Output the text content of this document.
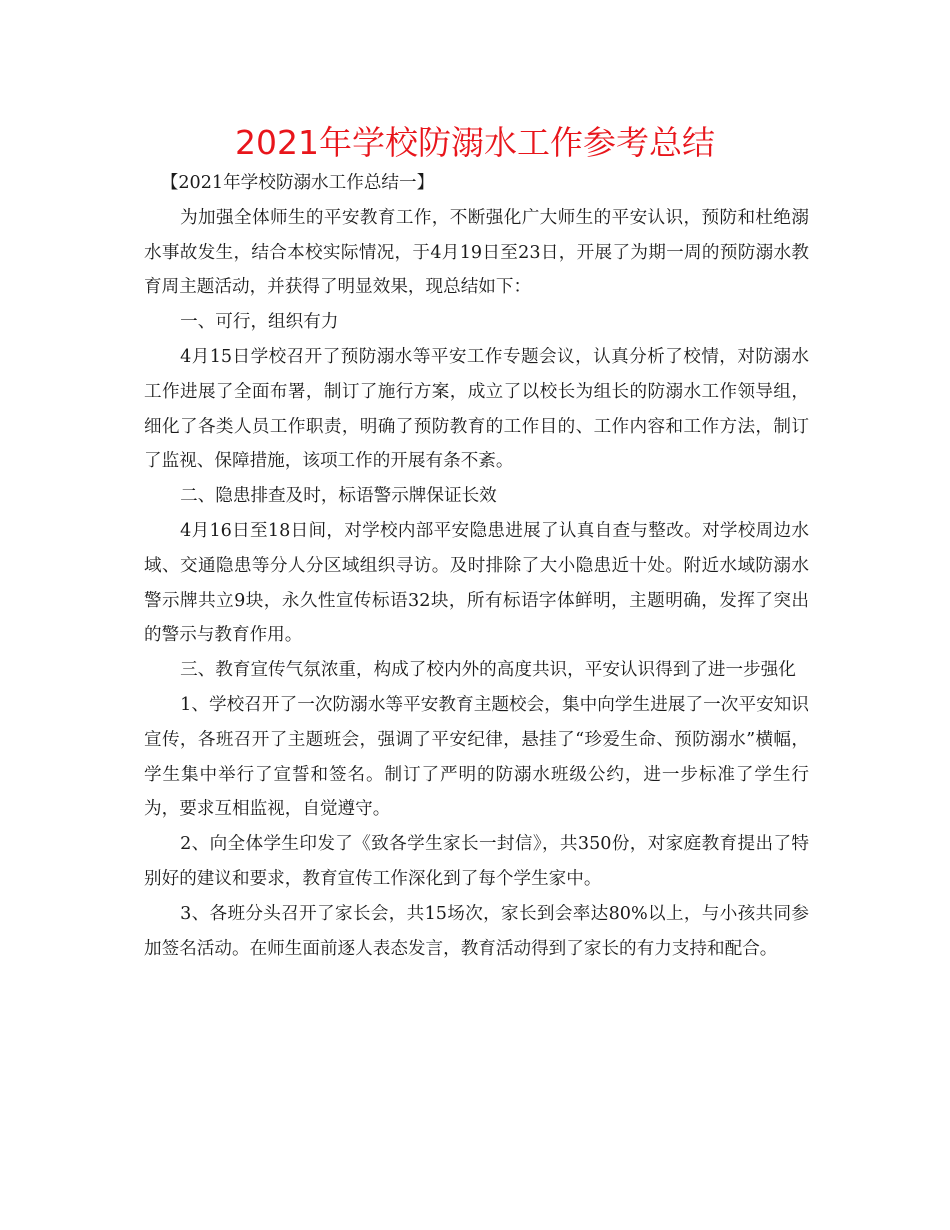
2021年学校防溺水工作参考总结

【2021年学校防溺水工作总结一】

为加强全体师生的平安教育工作，不断强化广大师生的平安认识，预防和杜绝溺水事故发生，结合本校实际情况，于4月19日至23日，开展了为期一周的预防溺水教育周主题活动，并获得了明显效果，现总结如下：

一、可行，组织有力

4月15日学校召开了预防溺水等平安工作专题会议，认真分析了校情，对防溺水工作进展了全面布署，制订了施行方案，成立了以校长为组长的防溺水工作领导组，细化了各类人员工作职责，明确了预防教育的工作目的、工作内容和工作方法，制订了监视、保障措施，该项工作的开展有条不紊。

二、隐患排查及时，标语警示牌保证长效

4月16日至18日间，对学校内部平安隐患进展了认真自查与整改。对学校周边水域、交通隐患等分人分区域组织寻访。及时排除了大小隐患近十处。附近水域防溺水警示牌共立9块，永久性宣传标语32块，所有标语字体鲜明，主题明确，发挥了突出的警示与教育作用。

三、教育宣传气氛浓重，构成了校内外的高度共识，平安认识得到了进一步强化

1、学校召开了一次防溺水等平安教育主题校会，集中向学生进展了一次平安知识宣传，各班召开了主题班会，强调了平安纪律，悬挂了“珍爱生命、预防溺水”横幅，学生集中举行了宣誓和签名。制订了严明的防溺水班级公约，进一步标准了学生行为，要求互相监视，自觉遵守。

2、向全体学生印发了《致各学生家长一封信》，共350份，对家庭教育提出了特别好的建议和要求，教育宣传工作深化到了每个学生家中。

3、各班分头召开了家长会，共15场次，家长到会率达80%以上，与小孩共同参加签名活动。在师生面前逐人表态发言，教育活动得到了家长的有力支持和配合。
